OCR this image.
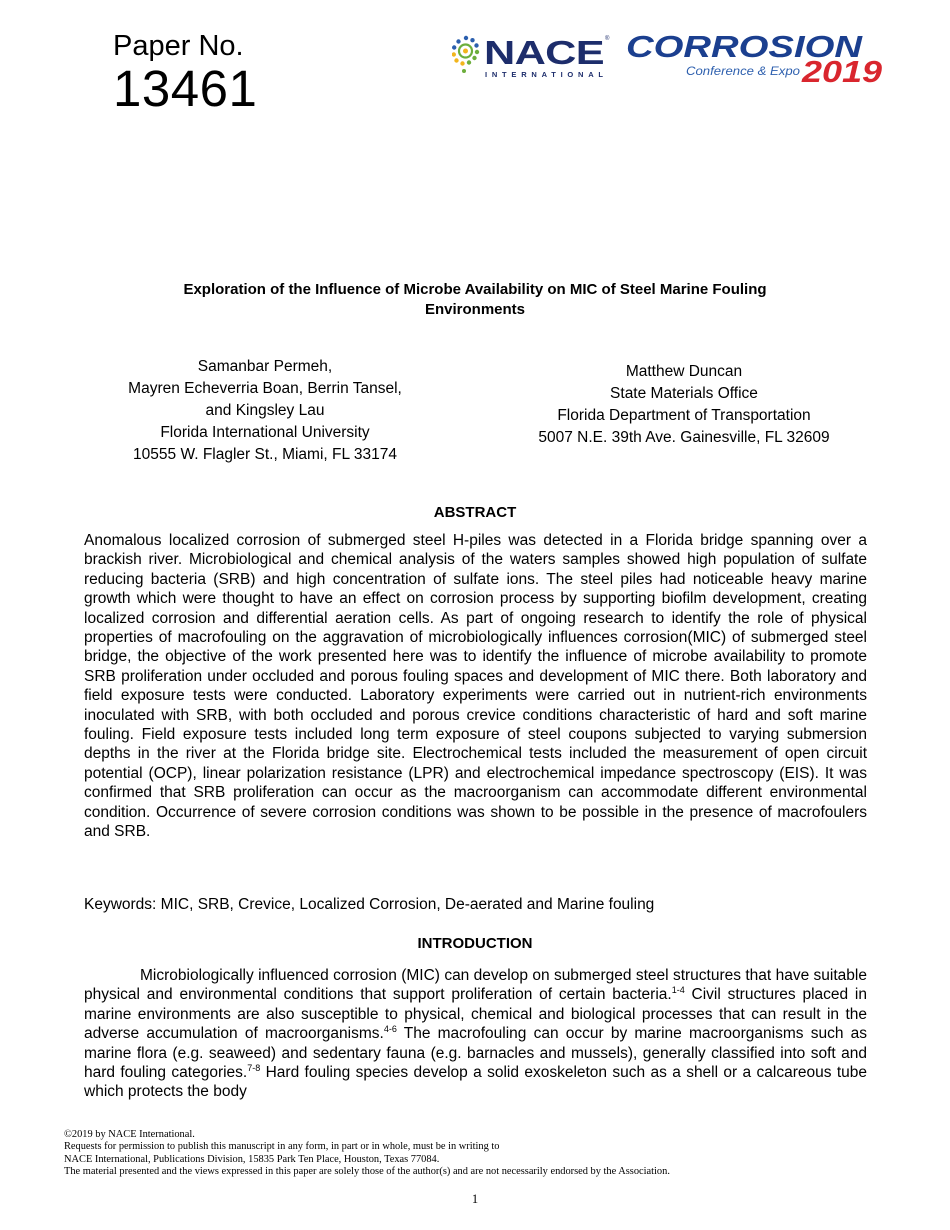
Paper No.
13461
NACE ®
INTERNATIONAL
CORROSION
Conference & Expo 2019
Exploration of the Influence of Microbe Availability on MIC of Steel Marine Fouling
Environments
Samanbar Permeh,
Mayren Echeverria Boan, Berrin Tansel,
and Kingsley Lau
Florida International University
10555 W. Flagler St., Miami, FL 33174
Matthew Duncan
State Materials Office
Florida Department of Transportation
5007 N.E. 39th Ave. Gainesville, FL 32609
ABSTRACT

Anomalous localized corrosion of submerged steel H-piles was detected in a Florida bridge spanning over a brackish river. Microbiological and chemical analysis of the waters samples showed high population of sulfate reducing bacteria (SRB) and high concentration of sulfate ions. The steel piles had noticeable heavy marine growth which were thought to have an effect on corrosion process by supporting biofilm development, creating localized corrosion and differential aeration cells. As part of ongoing research to identify the role of physical properties of macrofouling on the aggravation of microbiologically influences corrosion(MIC) of submerged steel bridge, the objective of the work presented here was to identify the influence of microbe availability to promote SRB proliferation under occluded and porous fouling spaces and development of MIC there. Both laboratory and field exposure tests were conducted. Laboratory experiments were carried out in nutrient-rich environments inoculated with SRB, with both occluded and porous crevice conditions characteristic of hard and soft marine fouling. Field exposure tests included long term exposure of steel coupons subjected to varying submersion depths in the river at the Florida bridge site. Electrochemical tests included the measurement of open circuit potential (OCP), linear polarization resistance (LPR) and electrochemical impedance spectroscopy (EIS). It was confirmed that SRB proliferation can occur as the macroorganism can accommodate different environmental condition. Occurrence of severe corrosion conditions was shown to be possible in the presence of macrofoulers and SRB.

Keywords: MIC, SRB, Crevice, Localized Corrosion, De-aerated and Marine fouling

INTRODUCTION

Microbiologically influenced corrosion (MIC) can develop on submerged steel structures that have suitable physical and environmental conditions that support proliferation of certain bacteria.$^{1-4}$ Civil structures placed in marine environments are also susceptible to physical, chemical and biological processes that can result in the adverse accumulation of macroorganisms.$^{4-6}$ The macrofouling can occur by marine macroorganisms such as marine flora (e.g. seaweed) and sedentary fauna (e.g. barnacles and mussels), generally classified into soft and hard fouling categories.$^{7-8}$ Hard fouling species develop a solid exoskeleton such as a shell or a calcareous tube which protects the body

©2019 by NACE International.
Requests for permission to publish this manuscript in any form, in part or in whole, must be in writing to
NACE International, Publications Division, 15835 Park Ten Place, Houston, Texas 77084.
The material presented and the views expressed in this paper are solely those of the author(s) and are not necessarily endorsed by the Association.
1
